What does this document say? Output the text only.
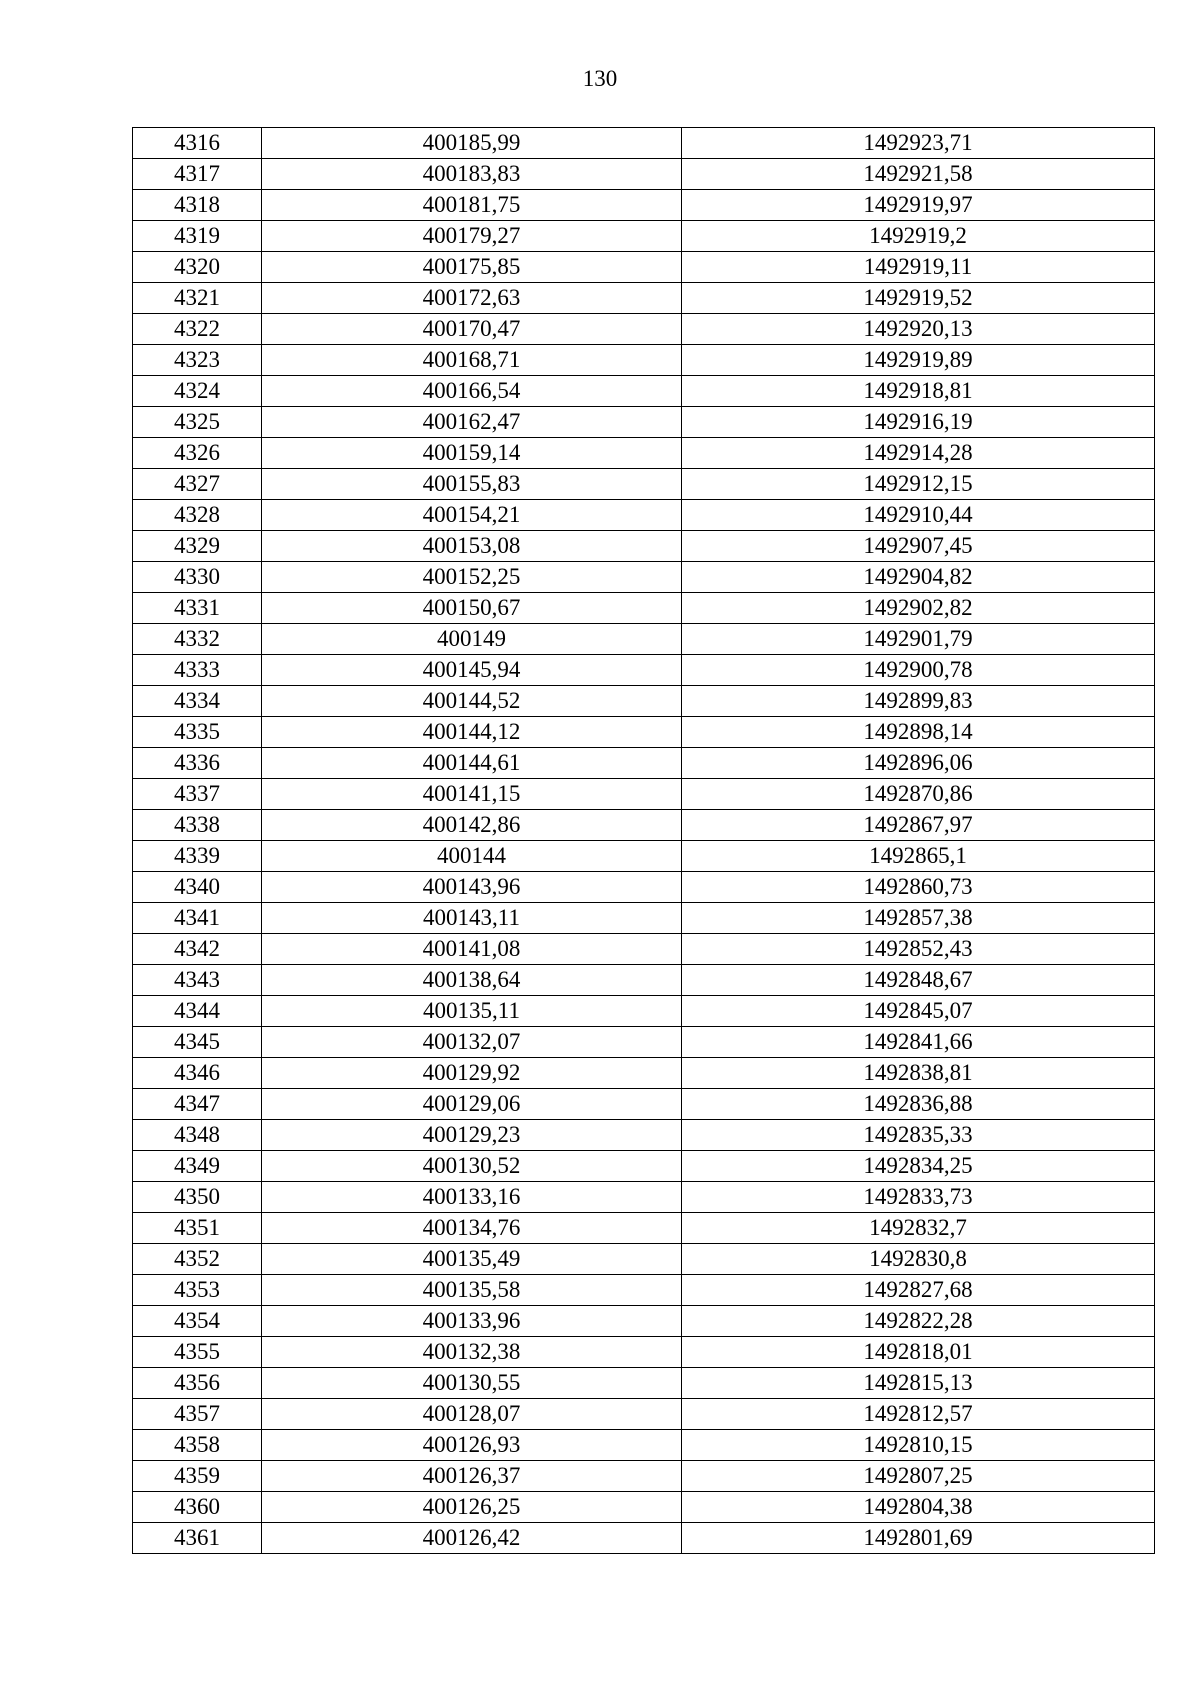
130
4316	400185,99	1492923,71
4317	400183,83	1492921,58
4318	400181,75	1492919,97
4319	400179,27	1492919,2
4320	400175,85	1492919,11
4321	400172,63	1492919,52
4322	400170,47	1492920,13
4323	400168,71	1492919,89
4324	400166,54	1492918,81
4325	400162,47	1492916,19
4326	400159,14	1492914,28
4327	400155,83	1492912,15
4328	400154,21	1492910,44
4329	400153,08	1492907,45
4330	400152,25	1492904,82
4331	400150,67	1492902,82
4332	400149	1492901,79
4333	400145,94	1492900,78
4334	400144,52	1492899,83
4335	400144,12	1492898,14
4336	400144,61	1492896,06
4337	400141,15	1492870,86
4338	400142,86	1492867,97
4339	400144	1492865,1
4340	400143,96	1492860,73
4341	400143,11	1492857,38
4342	400141,08	1492852,43
4343	400138,64	1492848,67
4344	400135,11	1492845,07
4345	400132,07	1492841,66
4346	400129,92	1492838,81
4347	400129,06	1492836,88
4348	400129,23	1492835,33
4349	400130,52	1492834,25
4350	400133,16	1492833,73
4351	400134,76	1492832,7
4352	400135,49	1492830,8
4353	400135,58	1492827,68
4354	400133,96	1492822,28
4355	400132,38	1492818,01
4356	400130,55	1492815,13
4357	400128,07	1492812,57
4358	400126,93	1492810,15
4359	400126,37	1492807,25
4360	400126,25	1492804,38
4361	400126,42	1492801,69
